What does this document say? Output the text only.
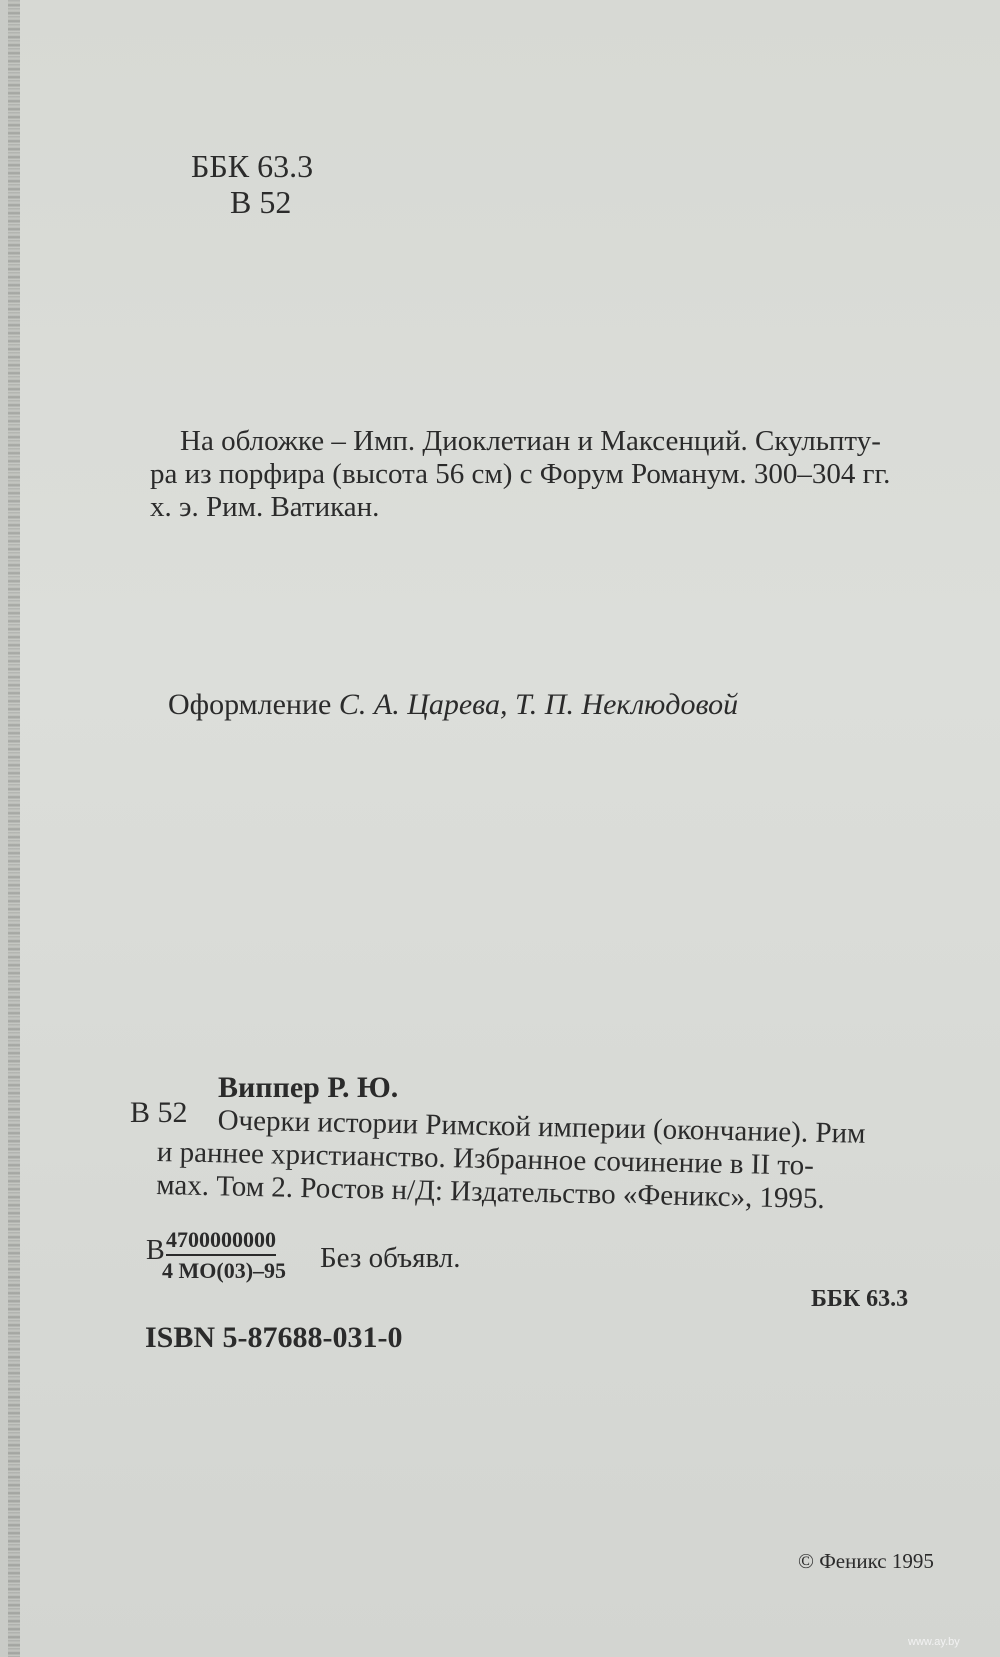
ББК 63.3
В 52
На обложке – Имп. Диоклетиан и Максенций. Скульпту-
ра из порфира (высота 56 см) с Форум Романум. 300–304 гг.
х. э. Рим. Ватикан.
Оформление С. А. Царева, Т. П. Неклюдовой
Виппер Р. Ю.
В 52	Очерки истории Римской империи (окончание). Рим
и раннее христианство. Избранное сочинение в II то-
мах. Том 2. Ростов н/Д: Издательство «Феникс», 1995.
В 4700000000
4 МО(03)–95 Без объявл.
ББК 63.3
ISBN 5-87688-031-0
© Феникс 1995
www.ay.by
